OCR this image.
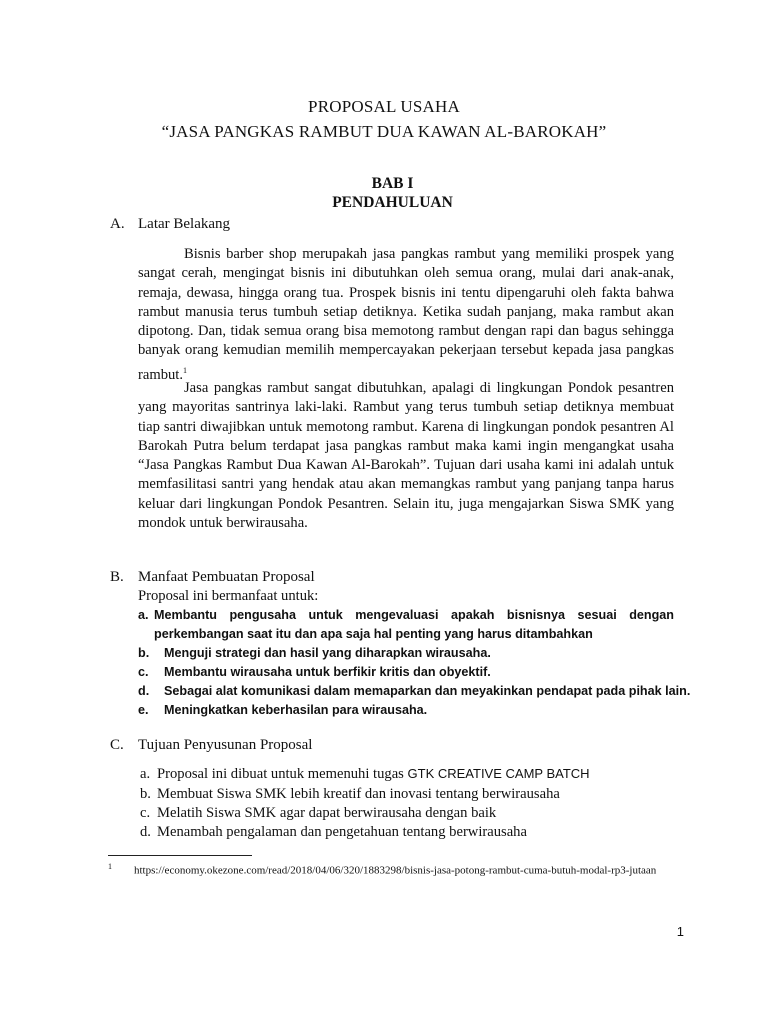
PROPOSAL USAHA
“JASA PANGKAS RAMBUT DUA KAWAN AL-BAROKAH”
BAB I
PENDAHULUAN
A. Latar Belakang
Bisnis barber shop merupakah jasa pangkas rambut yang memiliki prospek yang sangat cerah, mengingat bisnis ini dibutuhkan oleh semua orang, mulai dari anak-anak, remaja, dewasa, hingga orang tua. Prospek bisnis ini tentu dipengaruhi oleh fakta bahwa rambut manusia terus tumbuh setiap detiknya. Ketika sudah panjang, maka rambut akan dipotong. Dan, tidak semua orang bisa memotong rambut dengan rapi dan bagus sehingga banyak orang kemudian memilih mempercayakan pekerjaan tersebut kepada jasa pangkas rambut.$^1$
Jasa pangkas rambut sangat dibutuhkan, apalagi di lingkungan Pondok pesantren yang mayoritas santrinya laki-laki. Rambut yang terus tumbuh setiap detiknya membuat tiap santri diwajibkan untuk memotong rambut. Karena di lingkungan pondok pesantren Al Barokah Putra belum terdapat jasa pangkas rambut maka kami ingin mengangkat usaha “Jasa Pangkas Rambut Dua Kawan Al-Barokah”. Tujuan dari usaha kami ini adalah untuk memfasilitasi santri yang hendak atau akan memangkas rambut yang panjang tanpa harus keluar dari lingkungan Pondok Pesantren. Selain itu, juga mengajarkan Siswa SMK yang mondok untuk berwirausaha.
B. Manfaat Pembuatan Proposal
Proposal ini bermanfaat untuk:
a. Membantu pengusaha untuk mengevaluasi apakah bisnisnya sesuai dengan
perkembangan saat itu dan apa saja hal penting yang harus ditambahkan
b. Menguji strategi dan hasil yang diharapkan wirausaha.
c. Membantu wirausaha untuk berfikir kritis dan obyektif.
d. Sebagai alat komunikasi dalam memaparkan dan meyakinkan pendapat pada pihak lain.
e. Meningkatkan keberhasilan para wirausaha.
C. Tujuan Penyusunan Proposal
a. Proposal ini dibuat untuk memenuhi tugas GTK CREATIVE CAMP BATCH
b. Membuat Siswa SMK lebih kreatif dan inovasi tentang berwirausaha
c. Melatih Siswa SMK agar dapat berwirausaha dengan baik
d. Menambah pengalaman dan pengetahuan tentang berwirausaha
1 https://economy.okezone.com/read/2018/04/06/320/1883298/bisnis-jasa-potong-rambut-cuma-butuh-modal-rp3-jutaan
1
